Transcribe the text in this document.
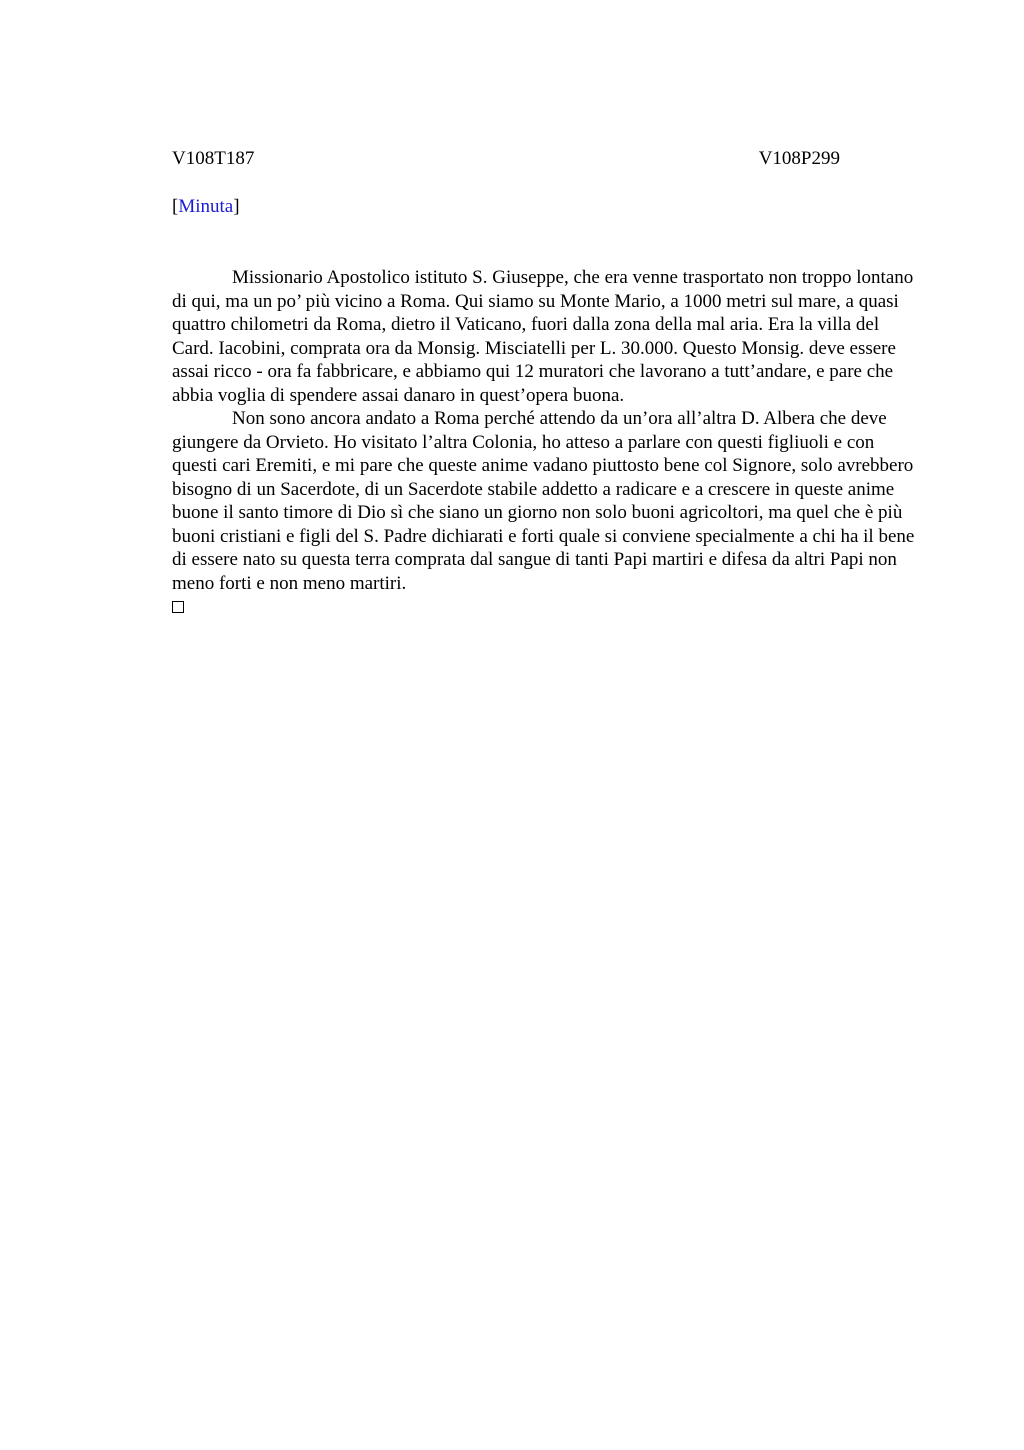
V108T187	V108P299
[Minuta]

Missionario Apostolico istituto S. Giuseppe, che era venne trasportato non troppo lontano di qui, ma un po’ più vicino a Roma. Qui siamo su Monte Mario, a 1000 metri sul mare, a quasi quattro chilometri da Roma, dietro il Vaticano, fuori dalla zona della mal aria. Era la villa del Card. Iacobini, comprata ora da Monsig. Misciatelli per L. 30.000. Questo Monsig. deve essere assai ricco - ora fa fabbricare, e abbiamo qui 12 muratori che lavorano a tutt’andare, e pare che abbia voglia di spendere assai danaro in quest’opera buona.

Non sono ancora andato a Roma perché attendo da un’ora all’altra D. Albera che deve giungere da Orvieto. Ho visitato l’altra Colonia, ho atteso a parlare con questi figliuoli e con questi cari Eremiti, e mi pare che queste anime vadano piuttosto bene col Signore, solo avrebbero bisogno di un Sacerdote, di un Sacerdote stabile addetto a radicare e a crescere in queste anime buone il santo timore di Dio sì che siano un giorno non solo buoni agricoltori, ma quel che è più buoni cristiani e figli del S. Padre dichiarati e forti quale si conviene specialmente a chi ha il bene di essere nato su questa terra comprata dal sangue di tanti Papi martiri e difesa da altri Papi non meno forti e non meno martiri.
